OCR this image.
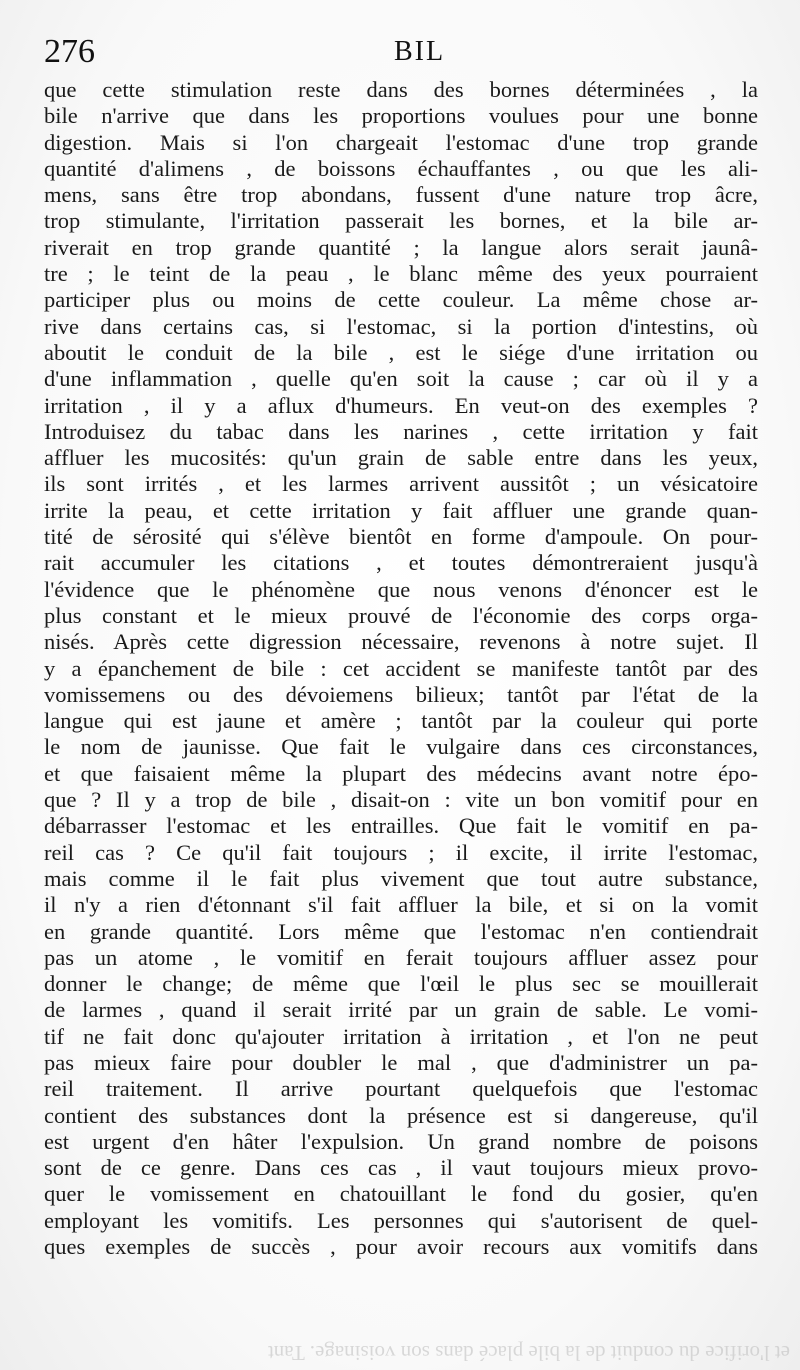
276	BIL
que cette stimulation reste dans des bornes déterminées , la
bile n'arrive que dans les proportions voulues pour une bonne
digestion. Mais si l'on chargeait l'estomac d'une trop grande
quantité d'alimens , de boissons échauffantes , ou que les ali-
mens, sans être trop abondans, fussent d'une nature trop âcre,
trop stimulante, l'irritation passerait les bornes, et la bile ar-
riverait en trop grande quantité ; la langue alors serait jaunâ-
tre ; le teint de la peau , le blanc même des yeux pourraient
participer plus ou moins de cette couleur. La même chose ar-
rive dans certains cas, si l'estomac, si la portion d'intestins, où
aboutit le conduit de la bile , est le siége d'une irritation ou
d'une inflammation , quelle qu'en soit la cause ; car où il y a
irritation , il y a aflux d'humeurs. En veut-on des exemples ?
Introduisez du tabac dans les narines , cette irritation y fait
affluer les mucosités: qu'un grain de sable entre dans les yeux,
ils sont irrités , et les larmes arrivent aussitôt ; un vésicatoire
irrite la peau, et cette irritation y fait affluer une grande quan-
tité de sérosité qui s'élève bientôt en forme d'ampoule. On pour-
rait accumuler les citations , et toutes démontreraient jusqu'à
l'évidence que le phénomène que nous venons d'énoncer est le
plus constant et le mieux prouvé de l'économie des corps orga-
nisés. Après cette digression nécessaire, revenons à notre sujet. Il
y a épanchement de bile : cet accident se manifeste tantôt par des
vomissemens ou des dévoiemens bilieux; tantôt par l'état de la
langue qui est jaune et amère ; tantôt par la couleur qui porte
le nom de jaunisse. Que fait le vulgaire dans ces circonstances,
et que faisaient même la plupart des médecins avant notre épo-
que ? Il y a trop de bile , disait-on : vite un bon vomitif pour en
débarrasser l'estomac et les entrailles. Que fait le vomitif en pa-
reil cas ? Ce qu'il fait toujours ; il excite, il irrite l'estomac,
mais comme il le fait plus vivement que tout autre substance,
il n'y a rien d'étonnant s'il fait affluer la bile, et si on la vomit
en grande quantité. Lors même que l'estomac n'en contiendrait
pas un atome , le vomitif en ferait toujours affluer assez pour
donner le change; de même que l'œil le plus sec se mouillerait
de larmes , quand il serait irrité par un grain de sable. Le vomi-
tif ne fait donc qu'ajouter irritation à irritation , et l'on ne peut
pas mieux faire pour doubler le mal , que d'administrer un pa-
reil traitement. Il arrive pourtant quelquefois que l'estomac
contient des substances dont la présence est si dangereuse, qu'il
est urgent d'en hâter l'expulsion. Un grand nombre de poisons
sont de ce genre. Dans ces cas , il vaut toujours mieux provo-
quer le vomissement en chatouillant le fond du gosier, qu'en
employant les vomitifs. Les personnes qui s'autorisent de quel-
ques exemples de succès , pour avoir recours aux vomitifs dans
et l'orifice du conduit de la bile placé dans son voisinage. Tant
